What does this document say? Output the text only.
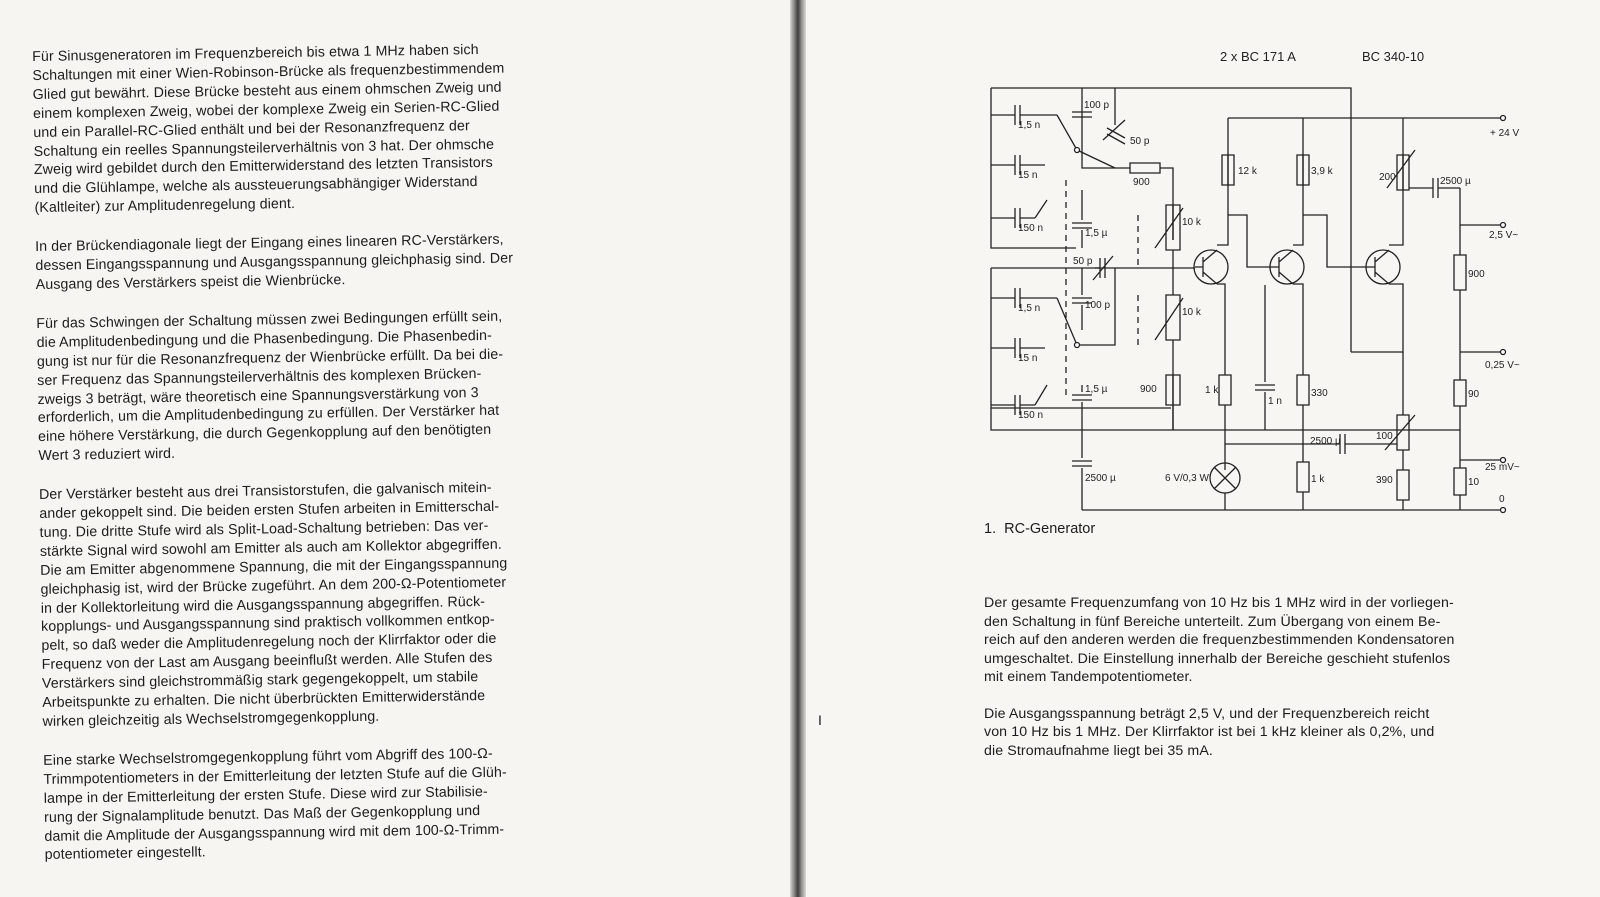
Für Sinusgeneratoren im Frequenzbereich bis etwa 1 MHz haben sich
Schaltungen mit einer Wien-Robinson-Brücke als frequenzbestimmendem
Glied gut bewährt. Diese Brücke besteht aus einem ohmschen Zweig und
einem komplexen Zweig, wobei der komplexe Zweig ein Serien-RC-Glied
und ein Parallel-RC-Glied enthält und bei der Resonanzfrequenz der
Schaltung ein reelles Spannungsteilerverhältnis von 3 hat. Der ohmsche
Zweig wird gebildet durch den Emitterwiderstand des letzten Transistors
und die Glühlampe, welche als aussteuerungsabhängiger Widerstand
(Kaltleiter) zur Amplitudenregelung dient.

In der Brückendiagonale liegt der Eingang eines linearen RC-Verstärkers,
dessen Eingangsspannung und Ausgangsspannung gleichphasig sind. Der
Ausgang des Verstärkers speist die Wienbrücke.

Für das Schwingen der Schaltung müssen zwei Bedingungen erfüllt sein,
die Amplitudenbedingung und die Phasenbedingung. Die Phasenbedin-
gung ist nur für die Resonanzfrequenz der Wienbrücke erfüllt. Da bei die-
ser Frequenz das Spannungsteilerverhältnis des komplexen Brücken-
zweigs 3 beträgt, wäre theoretisch eine Spannungsverstärkung von 3
erforderlich, um die Amplitudenbedingung zu erfüllen. Der Verstärker hat
eine höhere Verstärkung, die durch Gegenkopplung auf den benötigten
Wert 3 reduziert wird.

Der Verstärker besteht aus drei Transistorstufen, die galvanisch mitein-
ander gekoppelt sind. Die beiden ersten Stufen arbeiten in Emitterschal-
tung. Die dritte Stufe wird als Split-Load-Schaltung betrieben: Das ver-
stärkte Signal wird sowohl am Emitter als auch am Kollektor abgegriffen.
Die am Emitter abgenommene Spannung, die mit der Eingangsspannung
gleichphasig ist, wird der Brücke zugeführt. An dem 200-Ω-Potentiometer
in der Kollektorleitung wird die Ausgangsspannung abgegriffen. Rück-
kopplungs- und Ausgangsspannung sind praktisch vollkommen entkop-
pelt, so daß weder die Amplitudenregelung noch der Klirrfaktor oder die
Frequenz von der Last am Ausgang beeinflußt werden. Alle Stufen des
Verstärkers sind gleichstrommäßig stark gegengekoppelt, um stabile
Arbeitspunkte zu erhalten. Die nicht überbrückten Emitterwiderstände
wirken gleichzeitig als Wechselstromgegenkopplung.

Eine starke Wechselstromgegenkopplung führt vom Abgriff des 100-Ω-
Trimmpotentiometers in der Emitterleitung der letzten Stufe auf die Glüh-
lampe in der Emitterleitung der ersten Stufe. Diese wird zur Stabilisie-
rung der Signalamplitude benutzt. Das Maß der Gegenkopplung und
damit die Amplitude der Ausgangsspannung wird mit dem 100-Ω-Trimm-
potentiometer eingestellt.

I
2 x BC 171 A	BC 340-10
1,5 n
15 n
150 n
100 p
50 p
900
1,5 µ
10 k
50 p
1,5 n
15 n
150 n
100 p
10 k
1,5 µ	900
+ 24 V
12 k
1 k
3,9 k
330
1 n
200	2500 µ
100
2500 µ
6 V/0,3 W	1 k	390
2500 µ
900
90
10
2,5 V~
0,25 V~
25 mV~
0
1. RC-Generator

Der gesamte Frequenzumfang von 10 Hz bis 1 MHz wird in der vorliegen-
den Schaltung in fünf Bereiche unterteilt. Zum Übergang von einem Be-
reich auf den anderen werden die frequenzbestimmenden Kondensatoren
umgeschaltet. Die Einstellung innerhalb der Bereiche geschieht stufenlos
mit einem Tandempotentiometer.

Die Ausgangsspannung beträgt 2,5 V, und der Frequenzbereich reicht
von 10 Hz bis 1 MHz. Der Klirrfaktor ist bei 1 kHz kleiner als 0,2%, und
die Stromaufnahme liegt bei 35 mA.
